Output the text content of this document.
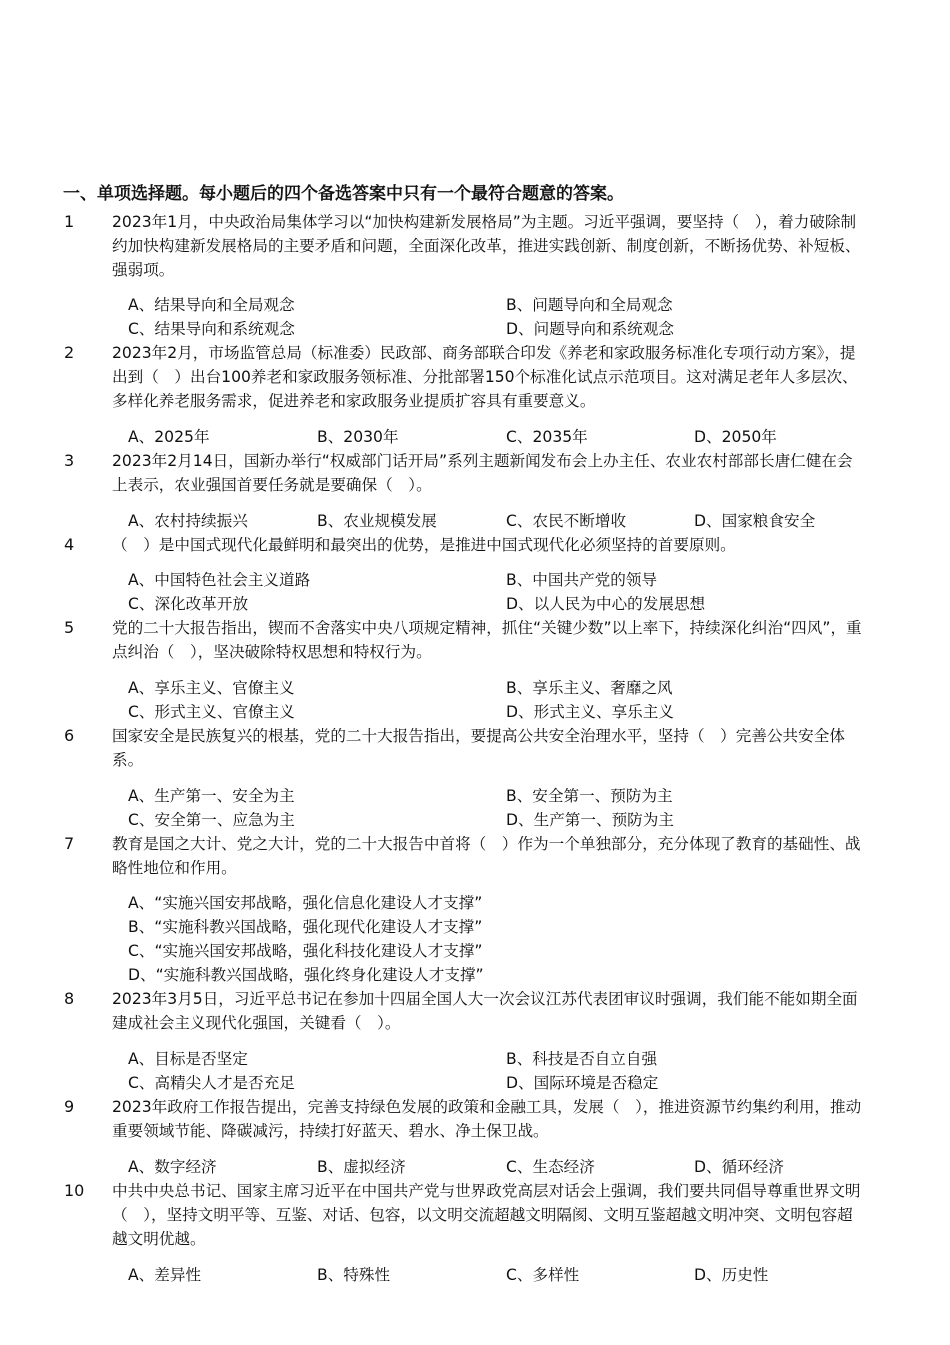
一、单项选择题。每小题后的四个备选答案中只有一个最符合题意的答案。
1 2023年1月，中央政治局集体学习以“加快构建新发展格局”为主题。习近平强调，要坚持（　），着力破除制约加快构建新发展格局的主要矛盾和问题，全面深化改革，推进实践创新、制度创新，不断扬优势、补短板、强弱项。
A、结果导向和全局观念	B、问题导向和全局观念
C、结果导向和系统观念	D、问题导向和系统观念
2 2023年2月，市场监管总局（标准委）民政部、商务部联合印发《养老和家政服务标准化专项行动方案》，提出到（　）出台100养老和家政服务领标准、分批部署150个标准化试点示范项目。这对满足老年人多层次、多样化养老服务需求，促进养老和家政服务业提质扩容具有重要意义。
A、2025年	B、2030年	C、2035年	D、2050年
3 2023年2月14日，国新办举行“权威部门话开局”系列主题新闻发布会上办主任、农业农村部部长唐仁健在会上表示，农业强国首要任务就是要确保（　）。
A、农村持续振兴	B、农业规模发展	C、农民不断增收	D、国家粮食安全
4 （　）是中国式现代化最鲜明和最突出的优势，是推进中国式现代化必须坚持的首要原则。
A、中国特色社会主义道路	B、中国共产党的领导
C、深化改革开放	D、以人民为中心的发展思想
5 党的二十大报告指出，锲而不舍落实中央八项规定精神，抓住“关键少数”以上率下，持续深化纠治“四风”，重点纠治（　），坚决破除特权思想和特权行为。
A、享乐主义、官僚主义	B、享乐主义、奢靡之风
C、形式主义、官僚主义	D、形式主义、享乐主义
6 国家安全是民族复兴的根基，党的二十大报告指出，要提高公共安全治理水平，坚持（　）完善公共安全体系。
A、生产第一、安全为主	B、安全第一、预防为主
C、安全第一、应急为主	D、生产第一、预防为主
7 教育是国之大计、党之大计，党的二十大报告中首将（　）作为一个单独部分，充分体现了教育的基础性、战略性地位和作用。
A、“实施兴国安邦战略，强化信息化建设人才支撑”
B、“实施科教兴国战略，强化现代化建设人才支撑”
C、“实施兴国安邦战略，强化科技化建设人才支撑”
D、“实施科教兴国战略，强化终身化建设人才支撑”
8 2023年3月5日，习近平总书记在参加十四届全国人大一次会议江苏代表团审议时强调，我们能不能如期全面建成社会主义现代化强国，关键看（　）。
A、目标是否坚定	B、科技是否自立自强
C、高精尖人才是否充足	D、国际环境是否稳定
9 2023年政府工作报告提出，完善支持绿色发展的政策和金融工具，发展（　），推进资源节约集约利用，推动重要领域节能、降碳减污，持续打好蓝天、碧水、净土保卫战。
A、数字经济	B、虚拟经济	C、生态经济	D、循环经济
10 中共中央总书记、国家主席习近平在中国共产党与世界政党高层对话会上强调，我们要共同倡导尊重世界文明（　），坚持文明平等、互鉴、对话、包容，以文明交流超越文明隔阂、文明互鉴超越文明冲突、文明包容超越文明优越。
A、差异性	B、特殊性	C、多样性	D、历史性
